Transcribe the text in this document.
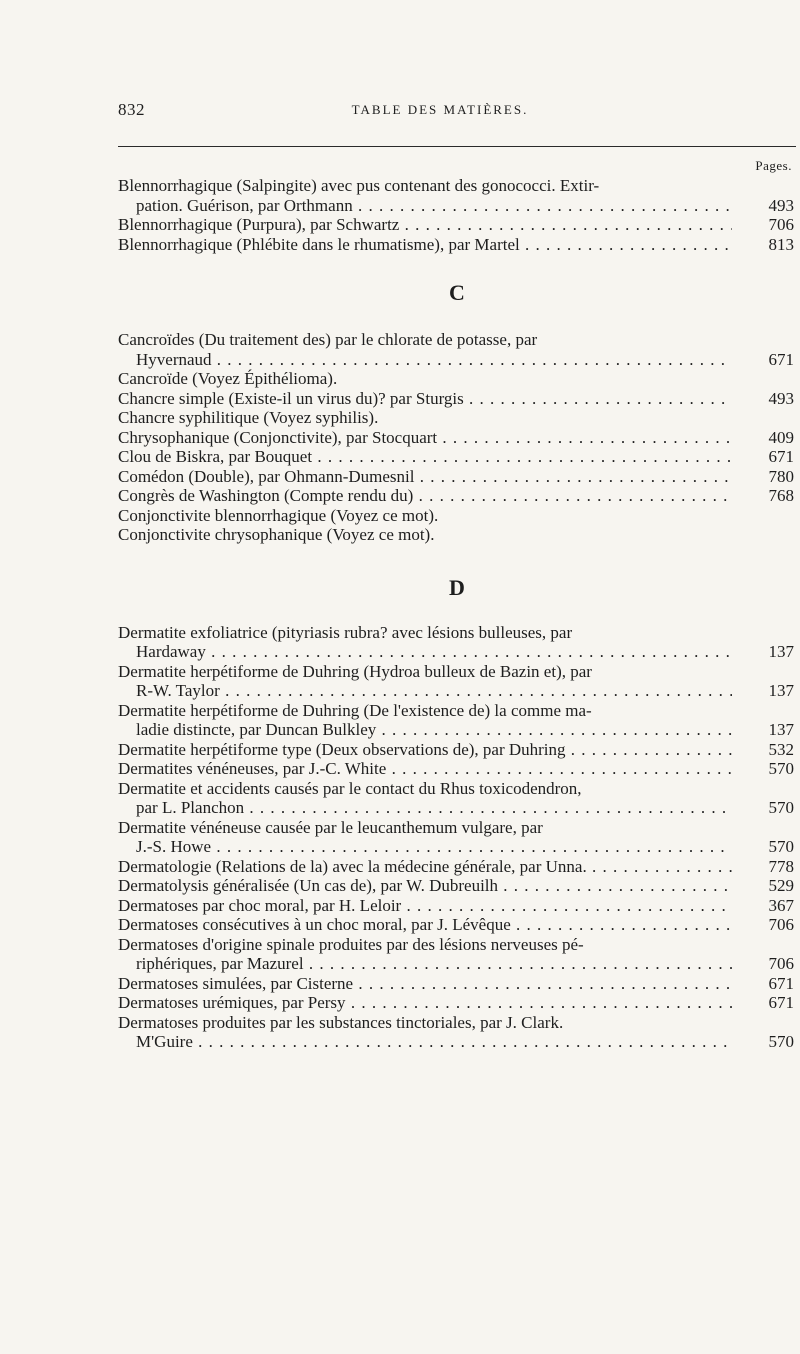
832	TABLE DES MATIÈRES.
Pages.
Blennorrhagique (Salpingite) avec pus contenant des gonococci. Extir-
pation. Guérison, par Orthmann . . .	493
Blennorrhagique (Purpura), par Schwartz . . .	706
Blennorrhagique (Phlébite dans le rhumatisme), par Martel . . .	813
C
Cancroïdes (Du traitement des) par le chlorate de potasse, par
Hyvernaud . . .	671
Cancroïde (Voyez Épithélioma).
Chancre simple (Existe-il un virus du)? par Sturgis . . .	493
Chancre syphilitique (Voyez syphilis).
Chrysophanique (Conjonctivite), par Stocquart . . .	409
Clou de Biskra, par Bouquet . . .	671
Comédon (Double), par Ohmann-Dumesnil . . .	780
Congrès de Washington (Compte rendu du) . . .	768
Conjonctivite blennorrhagique (Voyez ce mot).
Conjonctivite chrysophanique (Voyez ce mot).
D
Dermatite exfoliatrice (pityriasis rubra? avec lésions bulleuses, par
Hardaway . . .	137
Dermatite herpétiforme de Duhring (Hydroa bulleux de Bazin et), par
R-W. Taylor . . .	137
Dermatite herpétiforme de Duhring (De l'existence de) la comme ma-
ladie distincte, par Duncan Bulkley . . .	137
Dermatite herpétiforme type (Deux observations de), par Duhring . . .	532
Dermatites vénéneuses, par J.-C. White . . .	570
Dermatite et accidents causés par le contact du Rhus toxicodendron,
par L. Planchon . . .	570
Dermatite vénéneuse causée par le leucanthemum vulgare, par
J.-S. Howe . . .	570
Dermatologie (Relations de la) avec la médecine générale, par Unna. . . .	778
Dermatolysis généralisée (Un cas de), par W. Dubreuilh . . .	529
Dermatoses par choc moral, par H. Leloir . . .	367
Dermatoses consécutives à un choc moral, par J. Lévêque . . .	706
Dermatoses d'origine spinale produites par des lésions nerveuses pé-
riphériques, par Mazurel . . .	706
Dermatoses simulées, par Cisterne . . .	671
Dermatoses urémiques, par Persy . . .	671
Dermatoses produites par les substances tinctoriales, par J. Clark.
M'Guire . . .	570
